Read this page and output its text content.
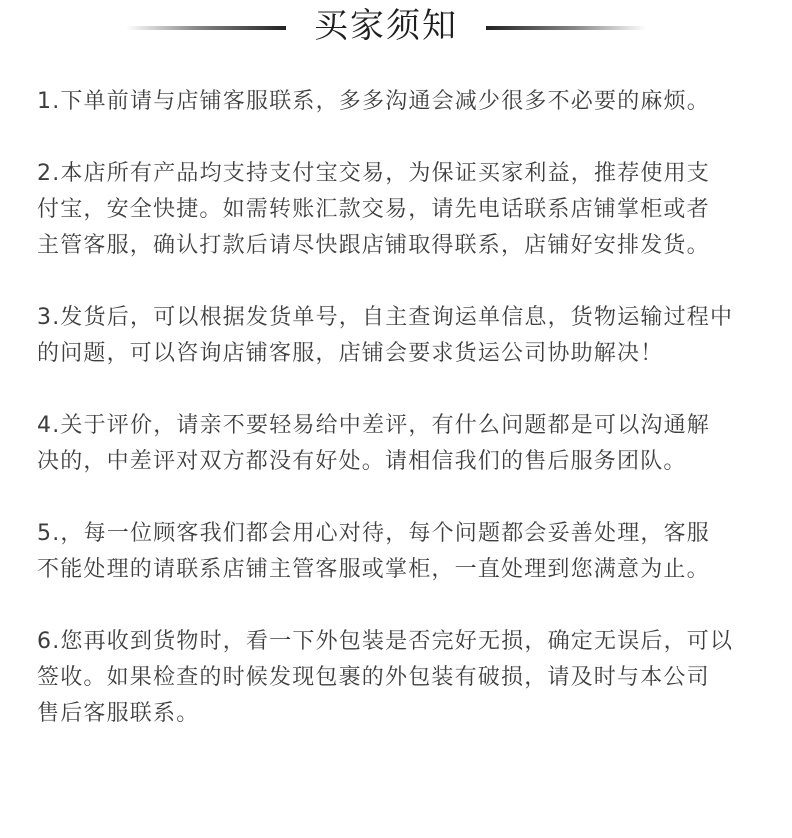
买家须知
1.下单前请与店铺客服联系，多多沟通会减少很多不必要的麻烦。
2.本店所有产品均支持支付宝交易，为保证买家利益，推荐使用支
付宝，安全快捷。如需转账汇款交易，请先电话联系店铺掌柜或者
主管客服，确认打款后请尽快跟店铺取得联系，店铺好安排发货。
3.发货后，可以根据发货单号，自主查询运单信息，货物运输过程中
的问题，可以咨询店铺客服，店铺会要求货运公司协助解决！
4.关于评价，请亲不要轻易给中差评，有什么问题都是可以沟通解
决的，中差评对双方都没有好处。请相信我们的售后服务团队。
5.，每一位顾客我们都会用心对待，每个问题都会妥善处理，客服
不能处理的请联系店铺主管客服或掌柜，一直处理到您满意为止。
6.您再收到货物时，看一下外包装是否完好无损，确定无误后，可以
签收。如果检查的时候发现包裹的外包装有破损，请及时与本公司
售后客服联系。
